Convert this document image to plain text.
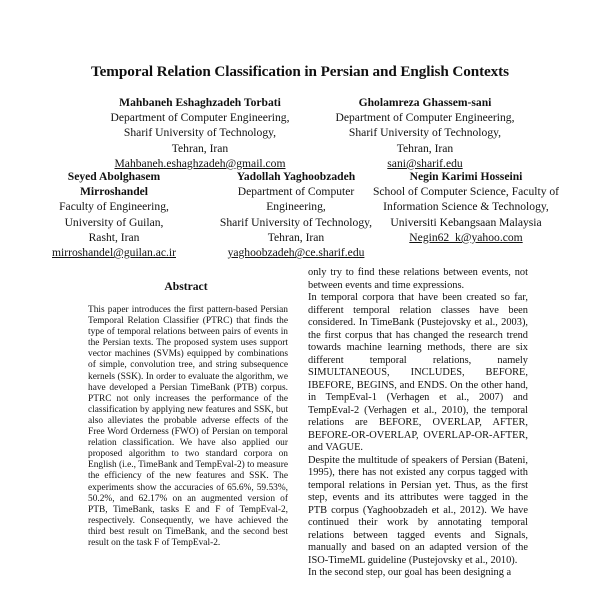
Temporal Relation Classification in Persian and English Contexts
Mahbaneh Eshaghzadeh Torbati
Department of Computer Engineering,
Sharif University of Technology,
Tehran, Iran
Mahbaneh.eshaghzadeh@gmail.com
Gholamreza Ghassem-sani
Department of Computer Engineering,
Sharif University of Technology,
Tehran, Iran
sani@sharif.edu
Seyed Abolghasem Mirroshandel
Faculty of Engineering,
University of Guilan,
Rasht, Iran
mirroshandel@guilan.ac.ir
Yadollah Yaghoobzadeh
Department of Computer Engineering,
Sharif University of Technology, Tehran, Iran
yaghoobzadeh@ce.sharif.edu
Negin Karimi Hosseini
School of Computer Science, Faculty of Information Science & Technology, Universiti Kebangsaan Malaysia
Negin62_k@yahoo.com
Abstract

This paper introduces the first pattern-based Persian Temporal Relation Classifier (PTRC) that finds the type of temporal relations between pairs of events in the Persian texts. The proposed system uses support vector machines (SVMs) equipped by combinations of simple, convolution tree, and string subsequence kernels (SSK). In order to evaluate the algorithm, we have developed a Persian TimeBank (PTB) corpus. PTRC not only increases the performance of the classification by applying new features and SSK, but also alleviates the probable adverse effects of the Free Word Orderness (FWO) of Persian on temporal relation classification. We have also applied our proposed algorithm to two standard corpora on English (i.e., TimeBank and TempEval-2) to measure the efficiency of the new features and SSK. The experiments show the accuracies of 65.6%, 59.53%, 50.2%, and 62.17% on an augmented version of PTB, TimeBank, tasks E and F of TempEval-2, respectively. Consequently, we have achieved the third best result on TimeBank, and the second best result on the task F of TempEval-2.

only try to find these relations between events, not between events and time expressions.

In temporal corpora that have been created so far, different temporal relation classes have been considered. In TimeBank (Pustejovsky et al., 2003), the first corpus that has changed the research trend towards machine learning methods, there are six different temporal relations, namely SIMULTANEOUS, INCLUDES, BEFORE, IBEFORE, BEGINS, and ENDS. On the other hand, in TempEval-1 (Verhagen et al., 2007) and TempEval-2 (Verhagen et al., 2010), the temporal relations are BEFORE, OVERLAP, AFTER, BEFORE-OR-OVERLAP, OVERLAP-OR-AFTER, and VAGUE.

Despite the multitude of speakers of Persian (Bateni, 1995), there has not existed any corpus tagged with temporal relations in Persian yet. Thus, as the first step, events and its attributes were tagged in the PTB corpus (Yaghoobzadeh et al., 2012). We have continued their work by annotating temporal relations between tagged events and Signals, manually and based on an adapted version of the ISO-TimeML guideline (Pustejovsky et al., 2010).

In the second step, our goal has been designing a
